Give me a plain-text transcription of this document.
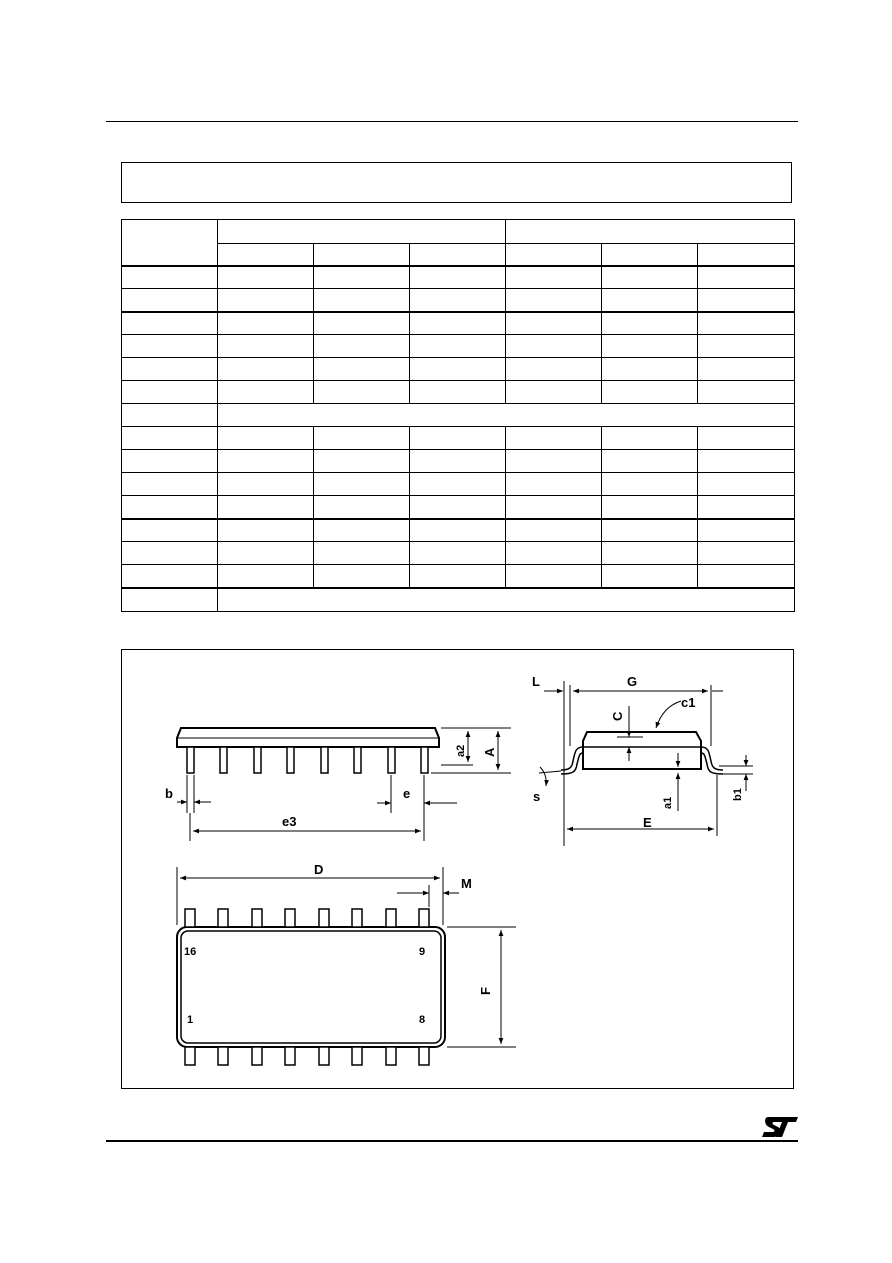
L	G
c1
C
a2 A
s	a1
b1
E
b	e
e3
D
M
F
16	9
1	8
